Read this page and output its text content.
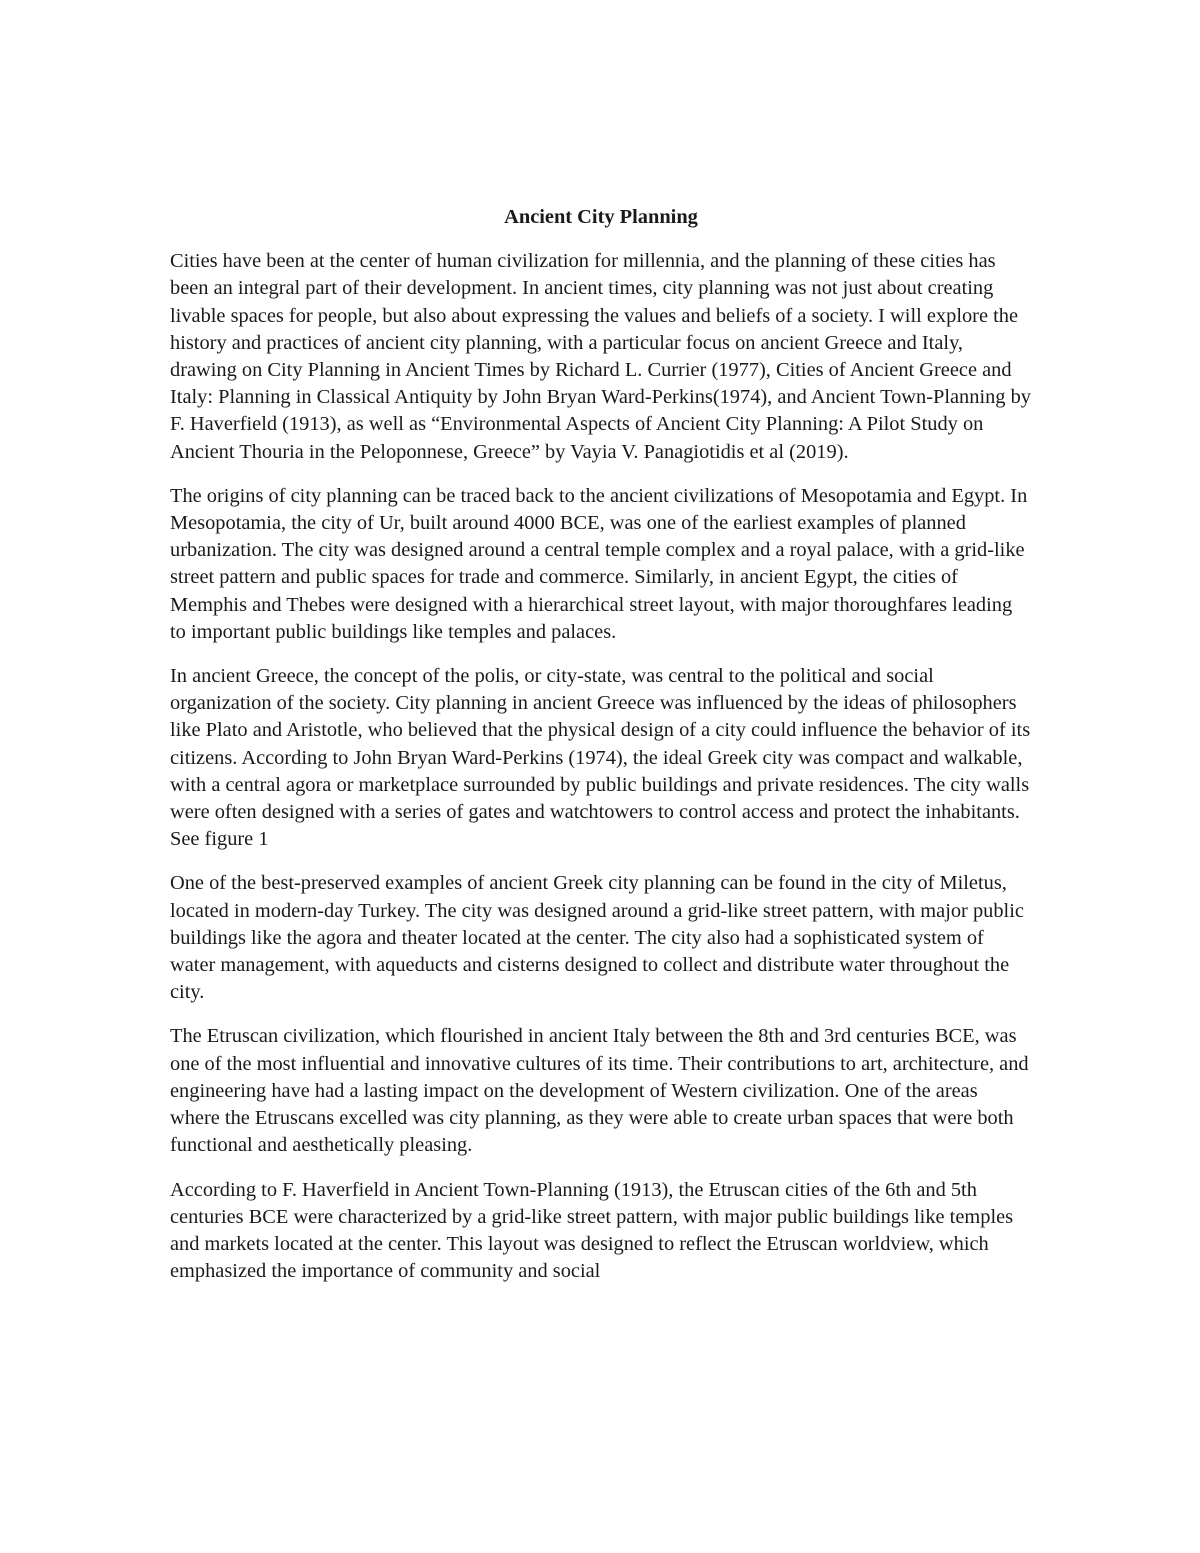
Ancient City Planning

Cities have been at the center of human civilization for millennia, and the planning of these cities has been an integral part of their development. In ancient times, city planning was not just about creating livable spaces for people, but also about expressing the values and beliefs of a society. I will explore the history and practices of ancient city planning, with a particular focus on ancient Greece and Italy, drawing on City Planning in Ancient Times by Richard L. Currier (1977), Cities of Ancient Greece and Italy: Planning in Classical Antiquity by John Bryan Ward-Perkins(1974), and Ancient Town-Planning by F. Haverfield (1913), as well as “Environmental Aspects of Ancient City Planning: A Pilot Study on Ancient Thouria in the Peloponnese, Greece” by Vayia V. Panagiotidis et al (2019).

The origins of city planning can be traced back to the ancient civilizations of Mesopotamia and Egypt. In Mesopotamia, the city of Ur, built around 4000 BCE, was one of the earliest examples of planned urbanization. The city was designed around a central temple complex and a royal palace, with a grid-like street pattern and public spaces for trade and commerce. Similarly, in ancient Egypt, the cities of Memphis and Thebes were designed with a hierarchical street layout, with major thoroughfares leading to important public buildings like temples and palaces.

In ancient Greece, the concept of the polis, or city-state, was central to the political and social organization of the society. City planning in ancient Greece was influenced by the ideas of philosophers like Plato and Aristotle, who believed that the physical design of a city could influence the behavior of its citizens. According to John Bryan Ward-Perkins (1974), the ideal Greek city was compact and walkable, with a central agora or marketplace surrounded by public buildings and private residences. The city walls were often designed with a series of gates and watchtowers to control access and protect the inhabitants. See figure 1

One of the best-preserved examples of ancient Greek city planning can be found in the city of Miletus, located in modern-day Turkey. The city was designed around a grid-like street pattern, with major public buildings like the agora and theater located at the center. The city also had a sophisticated system of water management, with aqueducts and cisterns designed to collect and distribute water throughout the city.

The Etruscan civilization, which flourished in ancient Italy between the 8th and 3rd centuries BCE, was one of the most influential and innovative cultures of its time. Their contributions to art, architecture, and engineering have had a lasting impact on the development of Western civilization. One of the areas where the Etruscans excelled was city planning, as they were able to create urban spaces that were both functional and aesthetically pleasing.

According to F. Haverfield in Ancient Town-Planning (1913), the Etruscan cities of the 6th and 5th centuries BCE were characterized by a grid-like street pattern, with major public buildings like temples and markets located at the center. This layout was designed to reflect the Etruscan worldview, which emphasized the importance of community and social
